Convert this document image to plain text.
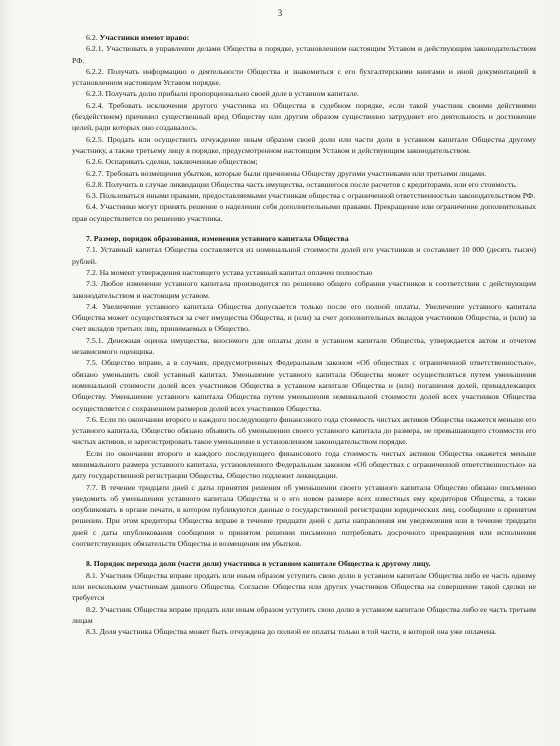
3

6.2. Участники имеют право:

6.2.1. Участвовать в управлении делами Общества в порядке, установленном настоящим Уставом и действующим законодательством РФ.

6.2.2. Получать информацию о деятельности Общества и знакомиться с его бухгалтерскими книгами и иной документацией в установленном настоящим Уставом порядке.

6.2.3. Получать долю прибыли пропорционально своей доле в уставном капитале.

6.2.4. Требовать исключения другого участника из Общества в судебном порядке, если такой участник своими действиями (бездействием) причинил существенный вред Обществу или другим образом существенно затрудняет его деятельность и достижение целей, ради которых оно создавалось.

6.2.5. Продать или осуществить отчуждение иным образом своей доли или части доли в уставном капитале Общества другому участнику, а также третьему лицу в порядке, предусмотренном настоящим Уставом и действующим законодательством.

6.2.6. Оспаривать сделки, заключенные обществом;

6.2.7. Требовать возмещения убытков, которые были причинены Обществу другими участниками или третьими лицами.

6.2.8. Получить в случае ликвидации Общества часть имущества, оставшегося после расчетов с кредиторами, или его стоимость.

6.3. Пользоваться иными правами, предоставляемыми участникам общества с ограниченной ответственностью законодательством РФ.

6.4. Участники могут принять решение о наделении себя дополнительными правами. Прекращение или ограничение дополнительных прав осуществляется по решению участника.

7. Размер, порядок образования, изменения уставного капитала Общества

7.1. Уставный капитал Общества составляется из номинальной стоимости долей его участников и составляет 10 000 (десять тысяч) рублей.

7.2. На момент утверждения настоящего устава уставный капитал оплачен полностью

7.3. Любое изменение уставного капитала производится по решению общего собрания участников в соответствии с действующим законодательством и настоящим уставом.

7.4. Увеличение уставного капитала Общества допускается только после его полной оплаты. Увеличение уставного капитала Общества может осуществляться за счет имущества Общества, и (или) за счет дополнительных вкладов участников Общества, и (или) за счет вкладов третьих лиц, принимаемых в Общество.

7.5.1. Денежная оценка имущества, вносимого для оплаты доли в уставном капитале Общества, утверждается актом и отчетом независимого оценщика.

7.5. Общество вправе, а в случаях, предусмотренных Федеральным законом «Об обществах с ограниченной ответственностью», обязано уменьшить свой уставный капитал. Уменьшение уставного капитала Общества может осуществляться путем уменьшения номинальной стоимости долей всех участников Общества в уставном капитале Общества и (или) погашения долей, принадлежащих Обществу. Уменьшение уставного капитала Общества путем уменьшения номинальной стоимости долей всех участников Общества осуществляется с сохранением размеров долей всех участников Общества.

7.6. Если по окончании второго и каждого последующего финансового года стоимость чистых активов Общества окажется меньше его уставного капитала, Общество обязано объявить об уменьшении своего уставного капитала до размера, не превышающего стоимости его чистых активов, и зарегистрировать такое уменьшение в установленном законодательством порядке.

Если по окончании второго и каждого последующего финансового года стоимость чистых активов Общества окажется меньше минимального размера уставного капитала, установленного Федеральным законом «Об обществах с ограниченной ответственностью» на дату государственной регистрации Общества, Общество подлежит ликвидации.

7.7. В течение тридцати дней с даты принятия решения об уменьшении своего уставного капитала Общество обязано письменно уведомить об уменьшении уставного капитала Общества и о его новом размере всех известных ему кредиторов Общества, а также опубликовать в органе печати, в котором публикуются данные о государственной регистрации юридических лиц, сообщение о принятом решении. При этом кредиторы Общества вправе в течение тридцати дней с даты направления им уведомления или в течение тридцати дней с даты опубликования сообщения о принятом решении письменно потребовать досрочного прекращения или исполнения соответствующих обязательств Общества и возмещения им убытков.

8. Порядок перехода доли (части доли) участника в уставном капитале Общества к другому лицу.

8.1. Участник Общества вправе продать или иным образом уступить свою долю в уставном капитале Общества либо ее часть одному или нескольким участникам данного Общества. Согласие Общества или других участников Общества на совершение такой сделки не требуется

8.2. Участник Общества вправе продать или иным образом уступить свою долю в уставном капитале Общества либо ее часть третьим лицам

8.3. Доля участника Общества может быть отчуждена до полной ее оплаты только в той части, в которой она уже оплачена.
